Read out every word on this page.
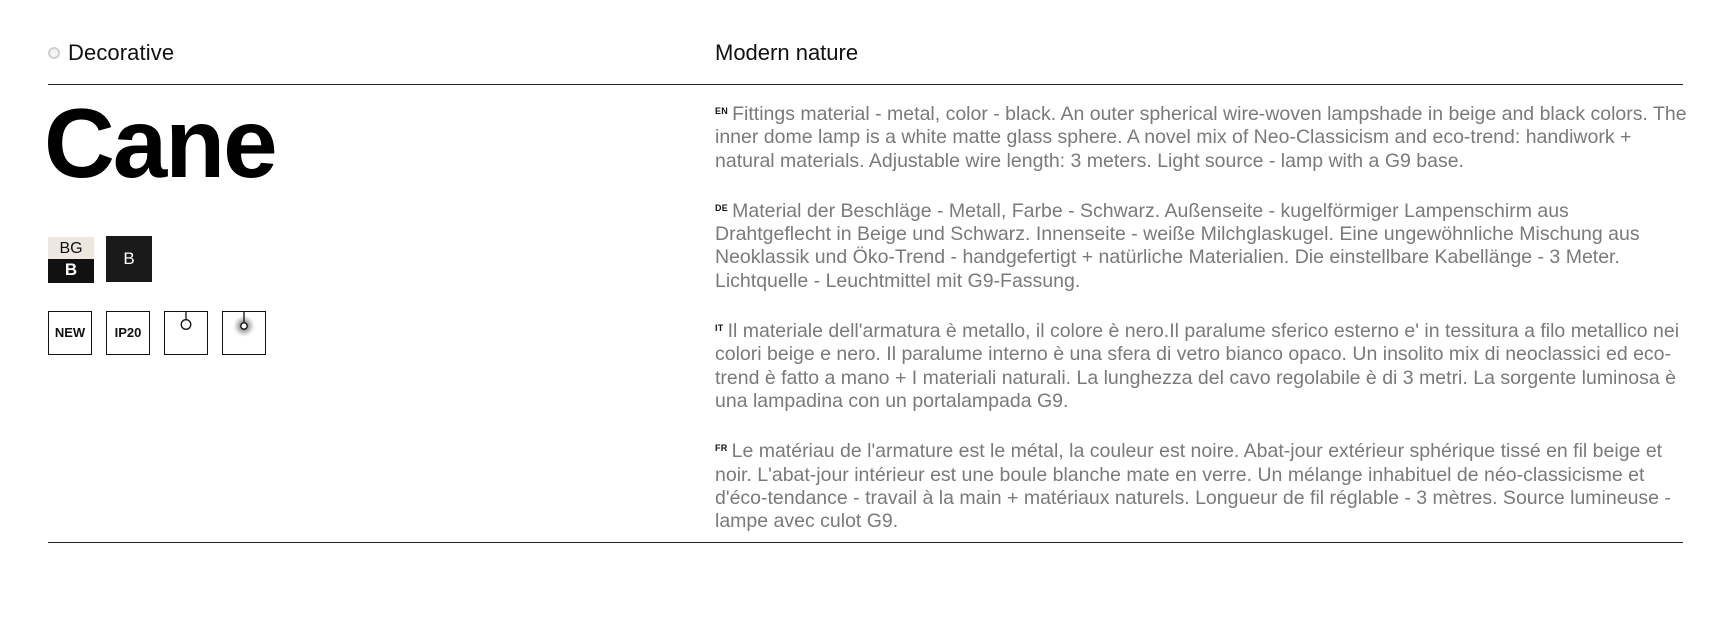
Decorative	Modern nature
Cane
BG
B
B
NEW	IP20

$^{EN}$ Fittings material - metal, color - black. An outer spherical wire-woven lampshade in beige and black colors. The inner dome lamp is a white matte glass sphere. A novel mix of Neo-Classicism and eco-trend: handiwork + natural materials. Adjustable wire length: 3 meters. Light source - lamp with a G9 base.

$^{DE}$ Material der Beschläge - Metall, Farbe - Schwarz. Außenseite - kugelförmiger Lampenschirm aus Drahtgeflecht in Beige und Schwarz. Innenseite - weiße Milchglaskugel. Eine ungewöhnliche Mischung aus Neoklassik und Öko-Trend - handgefertigt + natürliche Materialien. Die einstellbare Kabellänge - 3 Meter. Lichtquelle - Leuchtmittel mit G9-Fassung.

$^{IT}$ Il materiale dell'armatura è metallo, il colore è nero.Il paralume sferico esterno e' in tessitura a filo metallico nei colori beige e nero. Il paralume interno è una sfera di vetro bianco opaco. Un insolito mix di neoclassici ed eco-trend è fatto a mano + I materiali naturali. La lunghezza del cavo regolabile è di 3 metri. La sorgente luminosa è una lampadina con un portalampada G9.

$^{FR}$ Le matériau de l'armature est le métal, la couleur est noire. Abat-jour extérieur sphérique tissé en fil beige et noir. L'abat-jour intérieur est une boule blanche mate en verre. Un mélange inhabituel de néo-classicisme et d'éco-tendance - travail à la main + matériaux naturels. Longueur de fil réglable - 3 mètres. Source lumineuse - lampe avec culot G9.
